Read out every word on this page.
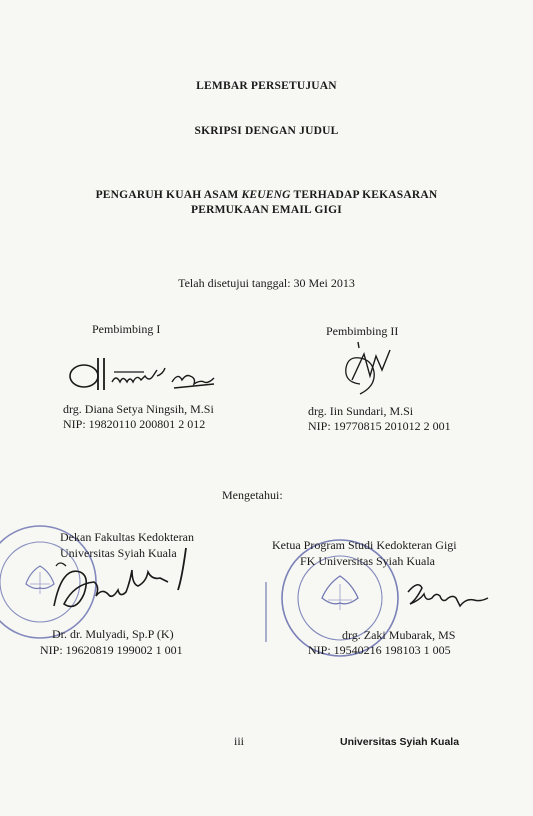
LEMBAR PERSETUJUAN
SKRIPSI DENGAN JUDUL
PENGARUH KUAH ASAM KEUENG TERHADAP KEKASARAN
PERMUKAAN EMAIL GIGI
Telah disetujui tanggal: 30 Mei 2013
Pembimbing I
drg. Diana Setya Ningsih, M.Si
NIP: 19820110 200801 2 012
Pembimbing II
drg. Iin Sundari, M.Si
NIP: 19770815 201012 2 001
Mengetahui:
Dekan Fakultas Kedokteran
Universitas Syiah Kuala
Dr. dr. Mulyadi, Sp.P (K)
NIP: 19620819 199002 1 001
Ketua Program Studi Kedokteran Gigi
FK Universitas Syiah Kuala
drg. Zaki Mubarak, MS
NIP: 19540216 198103 1 005
iii	Universitas Syiah Kuala
